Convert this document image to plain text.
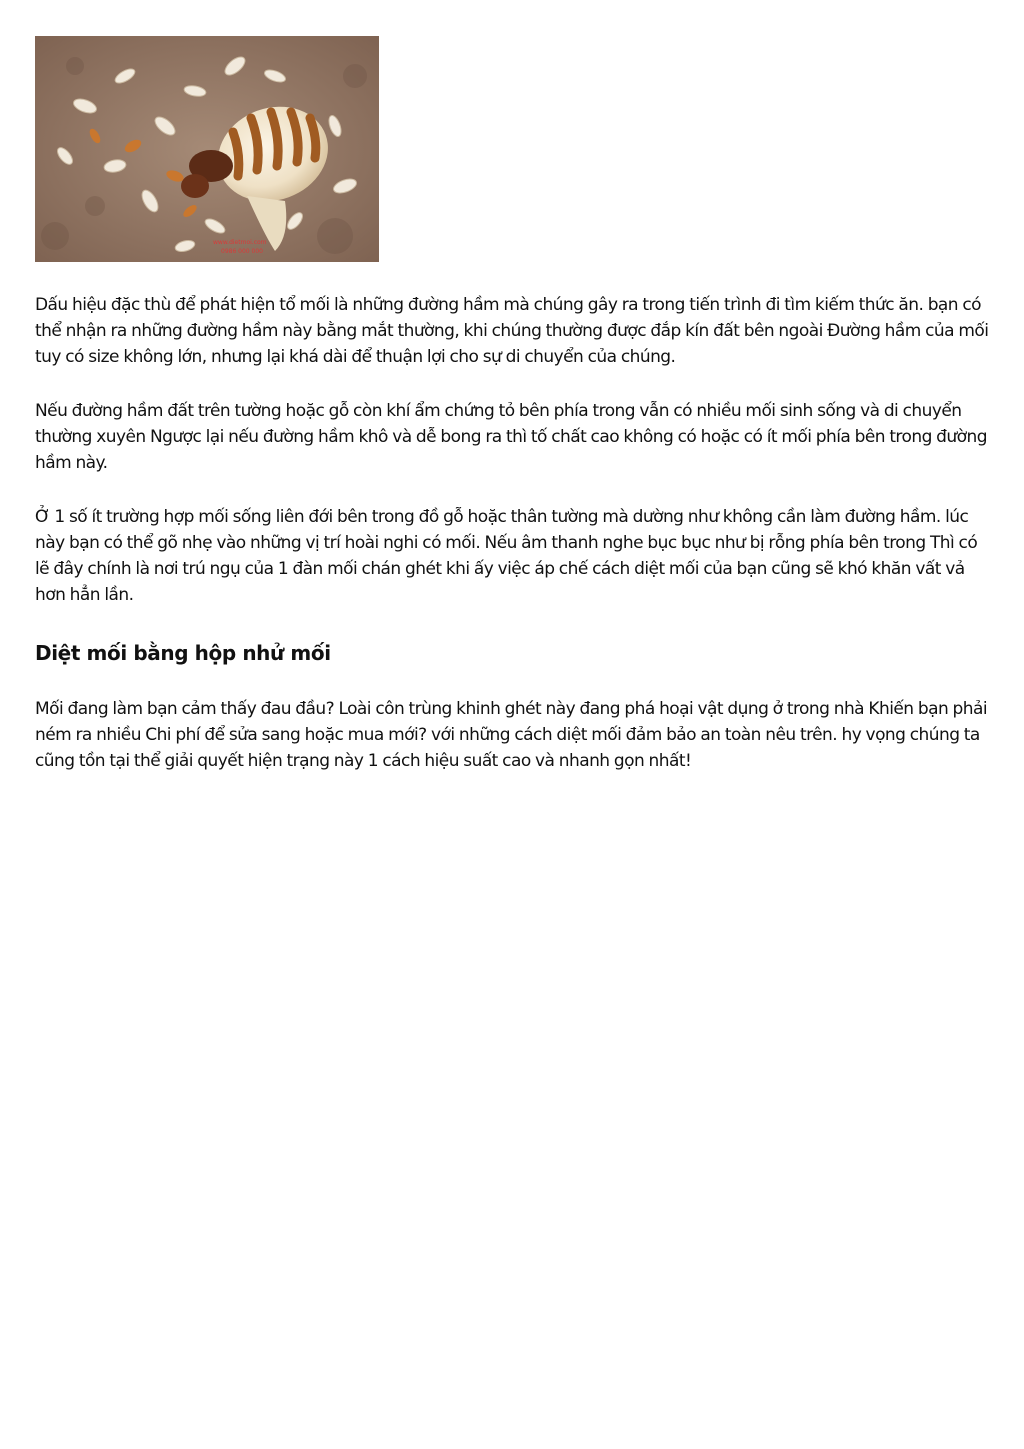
www.dietmoi.com
0986 000 000

Dấu hiệu đặc thù để phát hiện tổ mối là những đường hầm mà chúng gây ra trong tiến trình đi tìm kiếm thức ăn. bạn có thể nhận ra những đường hầm này bằng mắt thường, khi chúng thường được đắp kín đất bên ngoài Đường hầm của mối tuy có size không lớn, nhưng lại khá dài để thuận lợi cho sự di chuyển của chúng.

Nếu đường hầm đất trên tường hoặc gỗ còn khí ẩm chứng tỏ bên phía trong vẫn có nhiều mối sinh sống và di chuyển thường xuyên Ngược lại nếu đường hầm khô và dễ bong ra thì tố chất cao không có hoặc có ít mối phía bên trong đường hầm này.

Ở 1 số ít trường hợp mối sống liên đới bên trong đồ gỗ hoặc thân tường mà dường như không cần làm đường hầm. lúc này bạn có thể gõ nhẹ vào những vị trí hoài nghi có mối. Nếu âm thanh nghe bục bục như bị rỗng phía bên trong Thì có lẽ đây chính là nơi trú ngụ của 1 đàn mối chán ghét khi ấy việc áp chế cách diệt mối của bạn cũng sẽ khó khăn vất vả hơn hẳn lần.

Diệt mối bằng hộp nhử mối

Mối đang làm bạn cảm thấy đau đầu? Loài côn trùng khinh ghét này đang phá hoại vật dụng ở trong nhà Khiến bạn phải ném ra nhiều Chi phí để sửa sang hoặc mua mới? với những cách diệt mối đảm bảo an toàn nêu trên. hy vọng chúng ta cũng tồn tại thể giải quyết hiện trạng này 1 cách hiệu suất cao và nhanh gọn nhất!
